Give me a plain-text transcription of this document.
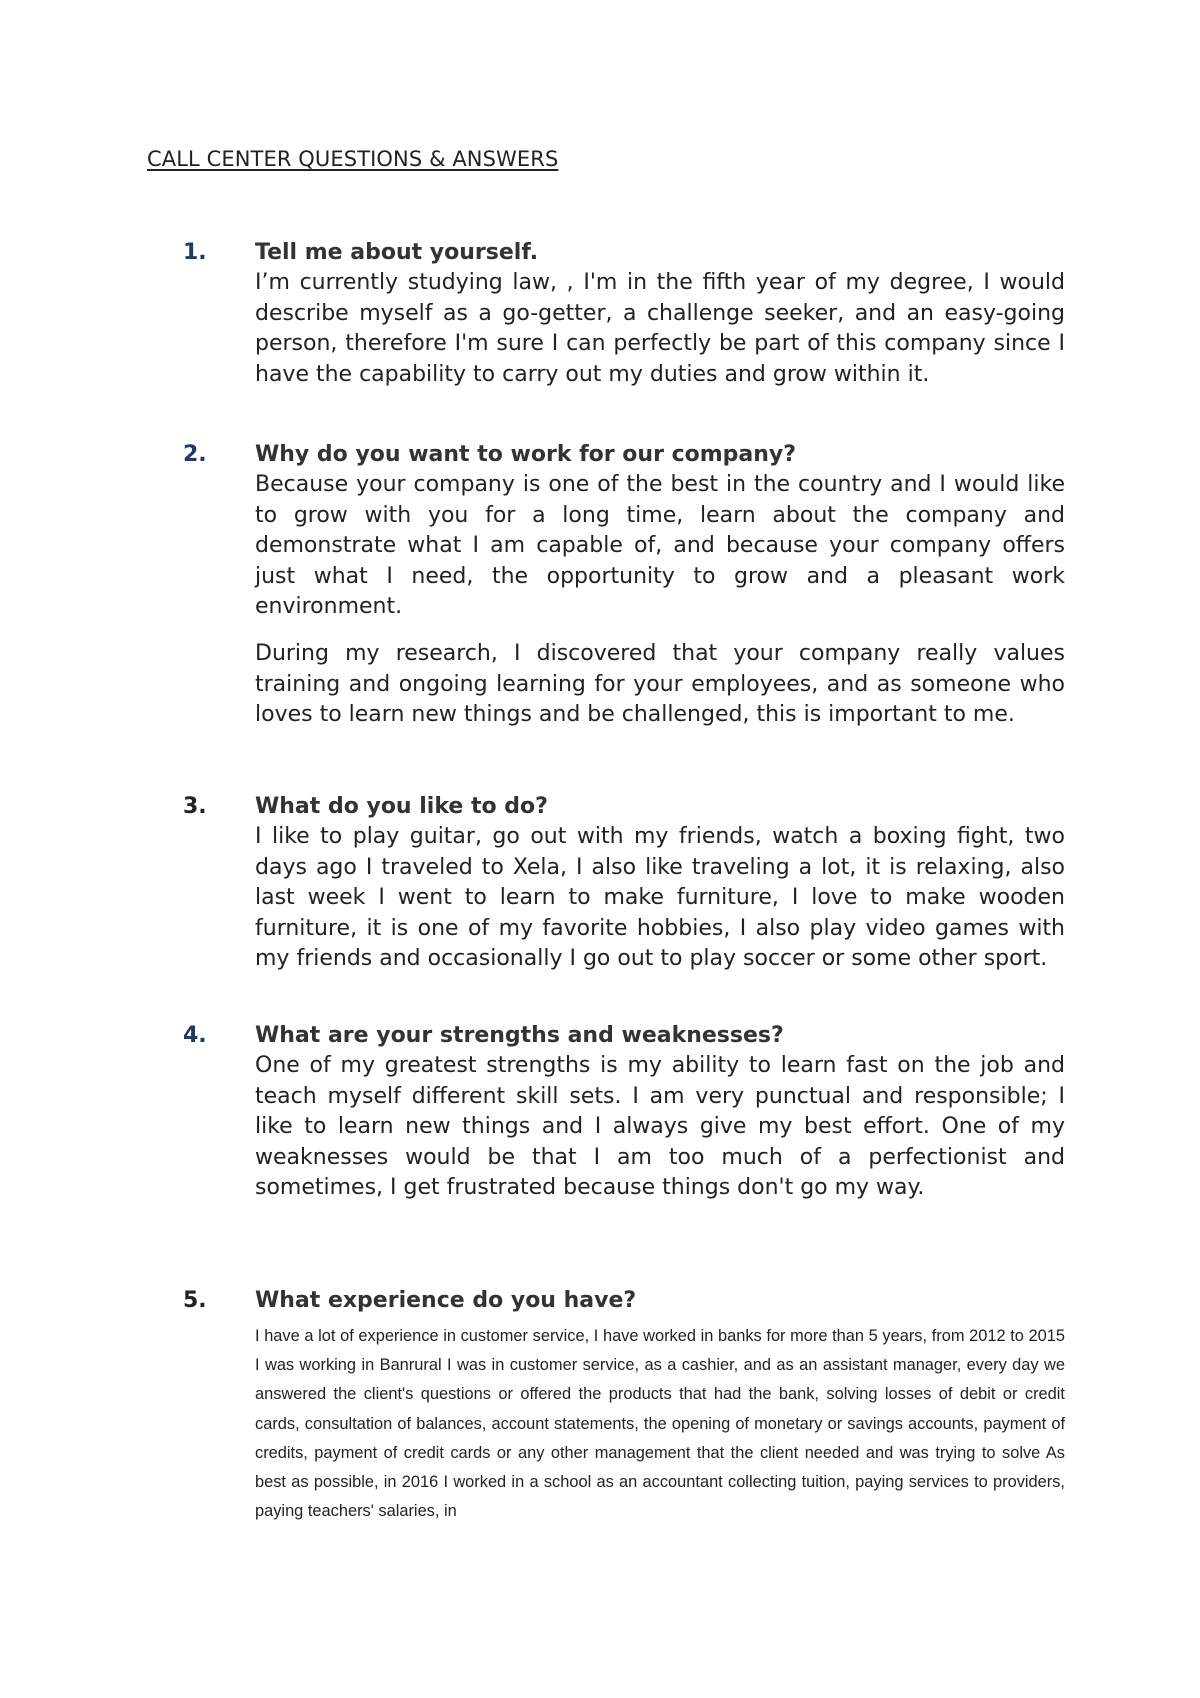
CALL CENTER QUESTIONS & ANSWERS
1. Tell me about yourself.
I’m currently studying law, , I'm in the fifth year of my degree, I would describe myself as a go-getter, a challenge seeker, and an easy-going person, therefore I'm sure I can perfectly be part of this company since I have the capability to carry out my duties and grow within it.
2. Why do you want to work for our company?
Because your company is one of the best in the country and I would like to grow with you for a long time, learn about the company and demonstrate what I am capable of, and because your company offers just what I need, the opportunity to grow and a pleasant work environment.
During my research, I discovered that your company really values training and ongoing learning for your employees, and as someone who loves to learn new things and be challenged, this is important to me.
3. What do you like to do?
I like to play guitar, go out with my friends, watch a boxing fight, two days ago I traveled to Xela, I also like traveling a lot, it is relaxing, also last week I went to learn to make furniture, I love to make wooden furniture, it is one of my favorite hobbies, I also play video games with my friends and occasionally I go out to play soccer or some other sport.
4. What are your strengths and weaknesses?
One of my greatest strengths is my ability to learn fast on the job and teach myself different skill sets. I am very punctual and responsible; I like to learn new things and I always give my best effort. One of my weaknesses would be that I am too much of a perfectionist and sometimes, I get frustrated because things don't go my way.
5. What experience do you have?
I have a lot of experience in customer service, I have worked in banks for more than 5 years, from 2012 to 2015 I was working in Banrural I was in customer service, as a cashier, and as an assistant manager, every day we answered the client's questions or offered the products that had the bank, solving losses of debit or credit cards, consultation of balances, account statements, the opening of monetary or savings accounts, payment of credits, payment of credit cards or any other management that the client needed and was trying to solve As best as possible, in 2016 I worked in a school as an accountant collecting tuition, paying services to providers, paying teachers' salaries, in
